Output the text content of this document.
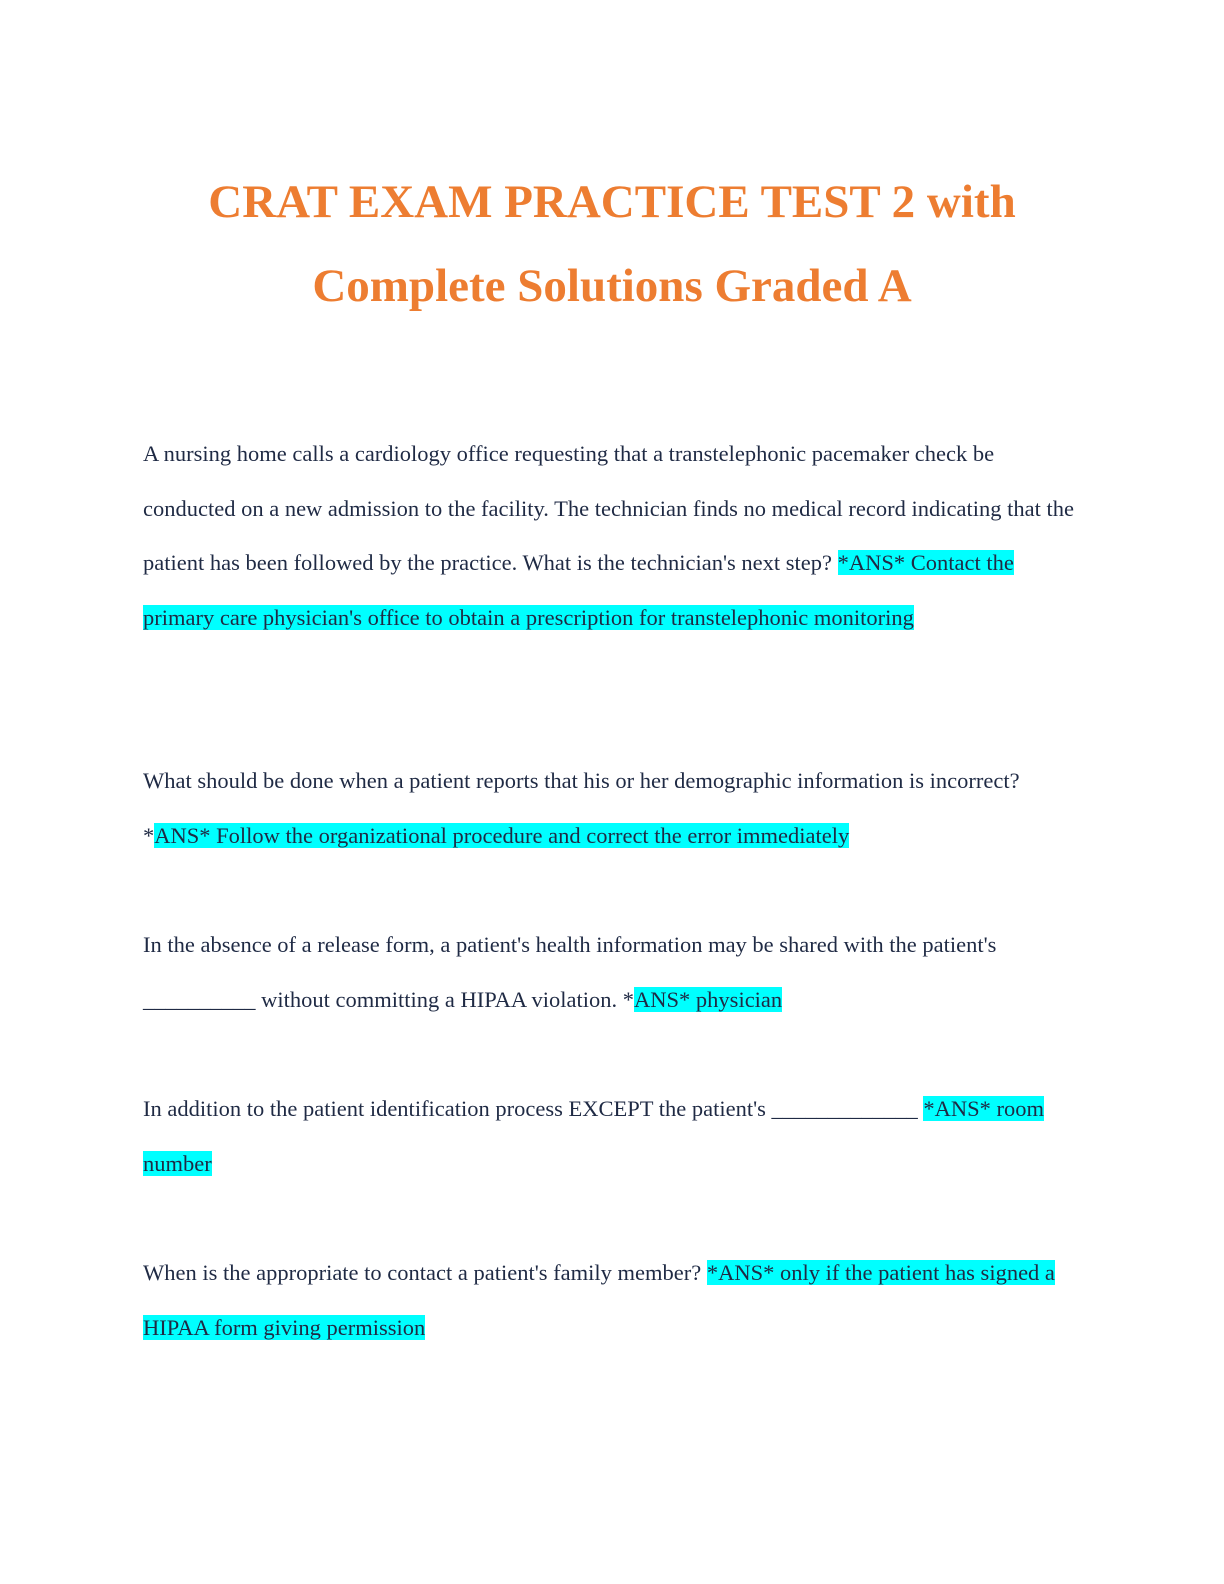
CRAT EXAM PRACTICE TEST 2 with
Complete Solutions Graded A

A nursing home calls a cardiology office requesting that a transtelephonic pacemaker check be conducted on a new admission to the facility. The technician finds no medical record indicating that the patient has been followed by the practice. What is the technician's next step? *ANS* Contact the primary care physician's office to obtain a prescription for transtelephonic monitoring

What should be done when a patient reports that his or her demographic information is incorrect? *ANS* Follow the organizational procedure and correct the error immediately

In the absence of a release form, a patient's health information may be shared with the patient's __________ without committing a HIPAA violation. *ANS* physician

In addition to the patient identification process EXCEPT the patient's _____________ *ANS* room number

When is the appropriate to contact a patient's family member? *ANS* only if the patient has signed a HIPAA form giving permission
